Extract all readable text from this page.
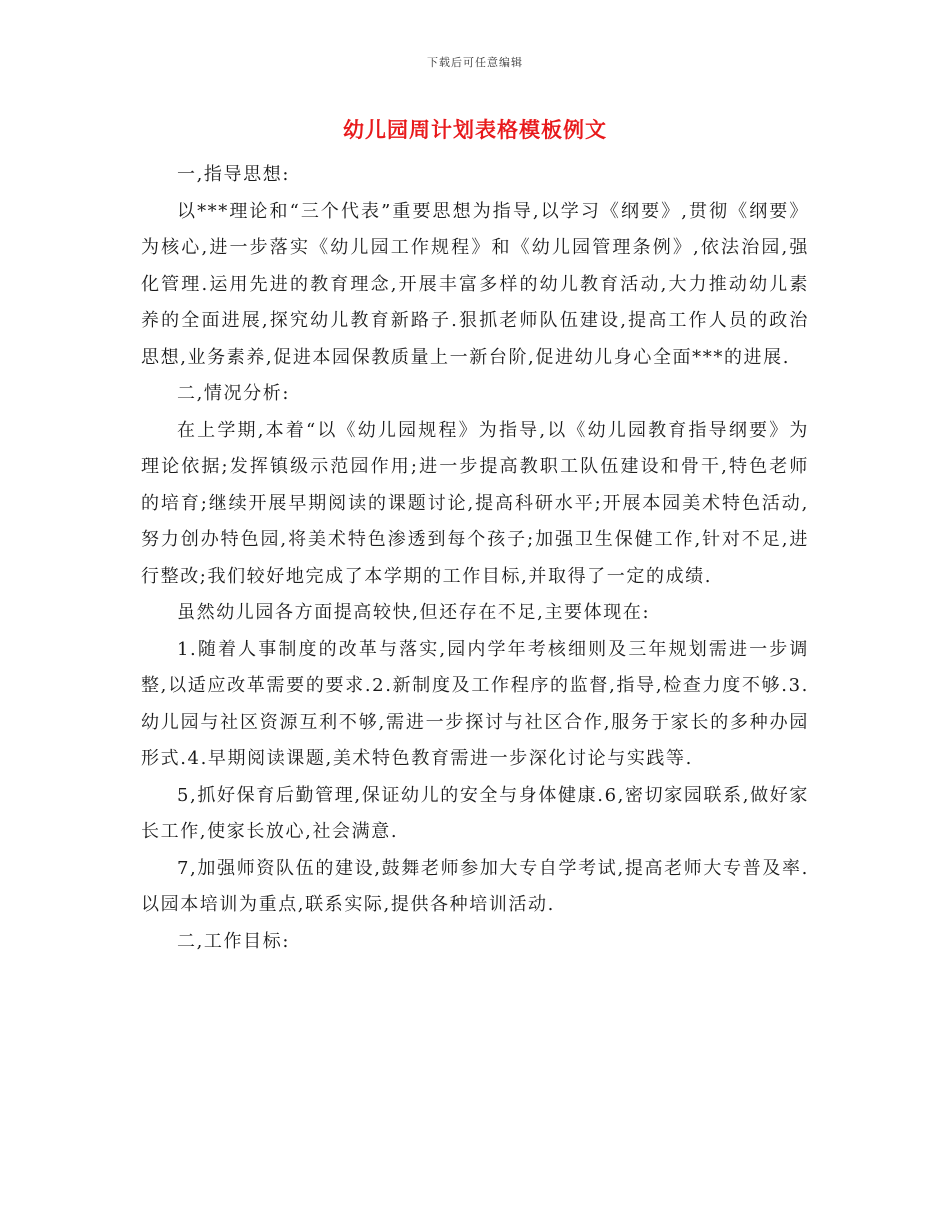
下载后可任意编辑
幼儿园周计划表格模板例文

一,指导思想:

以***理论和“三个代表”重要思想为指导,以学习《纲要》,贯彻《纲要》为核心,进一步落实《幼儿园工作规程》和《幼儿园管理条例》,依法治园,强化管理.运用先进的教育理念,开展丰富多样的幼儿教育活动,大力推动幼儿素养的全面进展,探究幼儿教育新路子.狠抓老师队伍建设,提高工作人员的政治思想,业务素养,促进本园保教质量上一新台阶,促进幼儿身心全面***的进展.

二,情况分析:

在上学期,本着“以《幼儿园规程》为指导,以《幼儿园教育指导纲要》为理论依据;发挥镇级示范园作用;进一步提高教职工队伍建设和骨干,特色老师的培育;继续开展早期阅读的课题讨论,提高科研水平;开展本园美术特色活动,努力创办特色园,将美术特色渗透到每个孩子;加强卫生保健工作,针对不足,进行整改;我们较好地完成了本学期的工作目标,并取得了一定的成绩.

虽然幼儿园各方面提高较快,但还存在不足,主要体现在:

1.随着人事制度的改革与落实,园内学年考核细则及三年规划需进一步调整,以适应改革需要的要求.2.新制度及工作程序的监督,指导,检查力度不够.3.幼儿园与社区资源互利不够,需进一步探讨与社区合作,服务于家长的多种办园形式.4.早期阅读课题,美术特色教育需进一步深化讨论与实践等.

5,抓好保育后勤管理,保证幼儿的安全与身体健康.6,密切家园联系,做好家长工作,使家长放心,社会满意.

7,加强师资队伍的建设,鼓舞老师参加大专自学考试,提高老师大专普及率.以园本培训为重点,联系实际,提供各种培训活动.

二,工作目标:
